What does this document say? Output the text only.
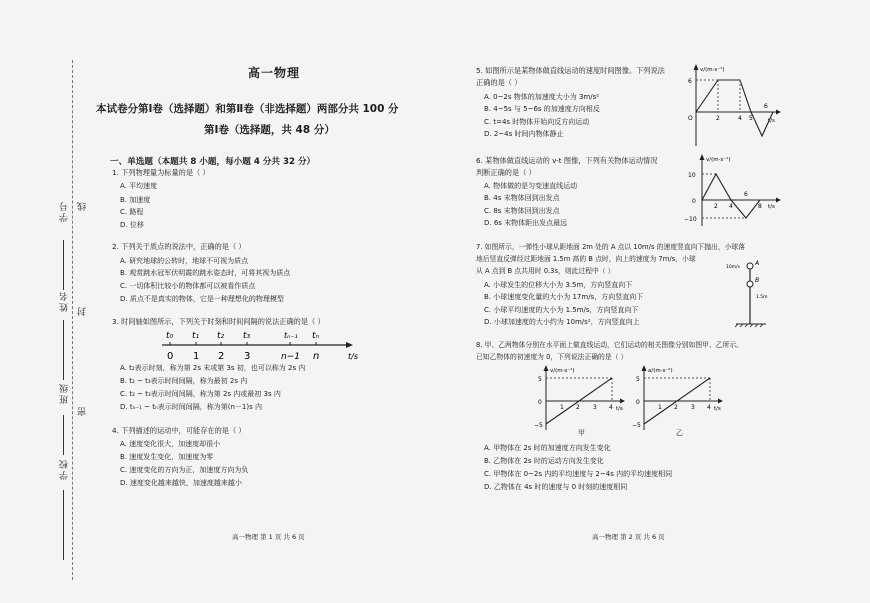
学号
姓名
班级
学校
线
封
密
高一物理
本试卷分第Ⅰ卷（选择题）和第Ⅱ卷（非选择题）两部分共 100 分
第Ⅰ卷（选择题，共 48 分）
一、单选题（本题共 8 小题，每小题 4 分共 32 分）
1. 下列物理量为标量的是（ ）
A. 平均速度
B. 加速度
C. 路程
D. 位移
2. 下列关于质点的说法中，正确的是（ ）
A. 研究地球的公转时，地球不可视为质点
B. 观赏跳水冠军伏明霞的跳水姿态时，可将其视为质点
C. 一切体积比较小的物体都可以被看作质点
D. 质点不是真实的物体，它是一种理想化的物理模型
3. 时间轴如图所示，下列关于时刻和时间间隔的说法正确的是（ ）
t₀ t₁ t₂ t₃	tₙ₋₁ tₙ
0 1 2 3	n−1 n	t/s
A. t₂表示时刻，称为第 2s 末或第 3s 初，也可以称为 2s 内
B. t₂ ~ t₃表示时间间隔，称为最初 2s 内
C. t₂ ~ t₃表示时间间隔，称为第 2s 内或最初 3s 内
D. tₙ₋₁ ~ tₙ表示时间间隔，称为第(n－1)s 内
4. 下列描述的运动中，可能存在的是（ ）
A. 速度变化很大，加速度却很小
B. 速度发生变化，加速度为零
C. 速度变化的方向为正，加速度方向为负
D. 速度变化越来越快，加速度越来越小
高一物理 第 1 页 共 6 页
5. 如图所示是某物体做直线运动的速度时间图像。下列说法
正确的是（ ）
A. 0~2s 物体的加速度大小为 3m/s²
B. 4~5s 与 5~6s 的加速度方向相反
C. t=4s 时物体开始向反方向运动
D. 2~4s 时间内物体静止
v/(m·s⁻¹)
6
O	2	4 5
6
t/s
6. 某物体做直线运动的 v-t 图像，下列有关物体运动情况
判断正确的是（ ）
A. 物体做的是匀变速直线运动
B. 4s 末物体回到出发点
C. 8s 末物体回到出发点
D. 6s 末物体距出发点最远
v/(m·s⁻¹)
10
0
−10
2 4
6
8 t/s
7. 如图所示，一弹性小球从距地面 2m 处的 A 点以 10m/s 的速度竖直向下抛出，小球落
地后竖直反弹经过距地面 1.5m 高的 B 点时，向上的速度为 7m/s，小球
从 A 点到 B 点共用时 0.3s，则此过程中（ ）
A. 小球发生的位移大小为 3.5m，方向竖直向下
B. 小球速度变化量的大小为 17m/s，方向竖直向下
C. 小球平均速度的大小为 1.5m/s，方向竖直向下
D. 小球加速度的大小约为 10m/s²，方向竖直向上
A
B
10m/s
1.5m
8. 甲、乙两物体分别在水平面上做直线运动，它们运动的相关图像分别如图甲、乙所示。
已知乙物体的初速度为 0，下列说法正确的是（ ）
v/(m·s⁻¹)
5
0
−5
1 2 3 4 t/s
甲
a/(m·s⁻²)
5
0
−5
1 2 3 4 t/s
乙
A. 甲物体在 2s 时的加速度方向发生变化
B. 乙物体在 2s 时的运动方向发生变化
C. 甲物体在 0~2s 内的平均速度与 2~4s 内的平均速度相同
D. 乙物体在 4s 时的速度与 0 时刻的速度相同
高一物理 第 2 页 共 6 页
